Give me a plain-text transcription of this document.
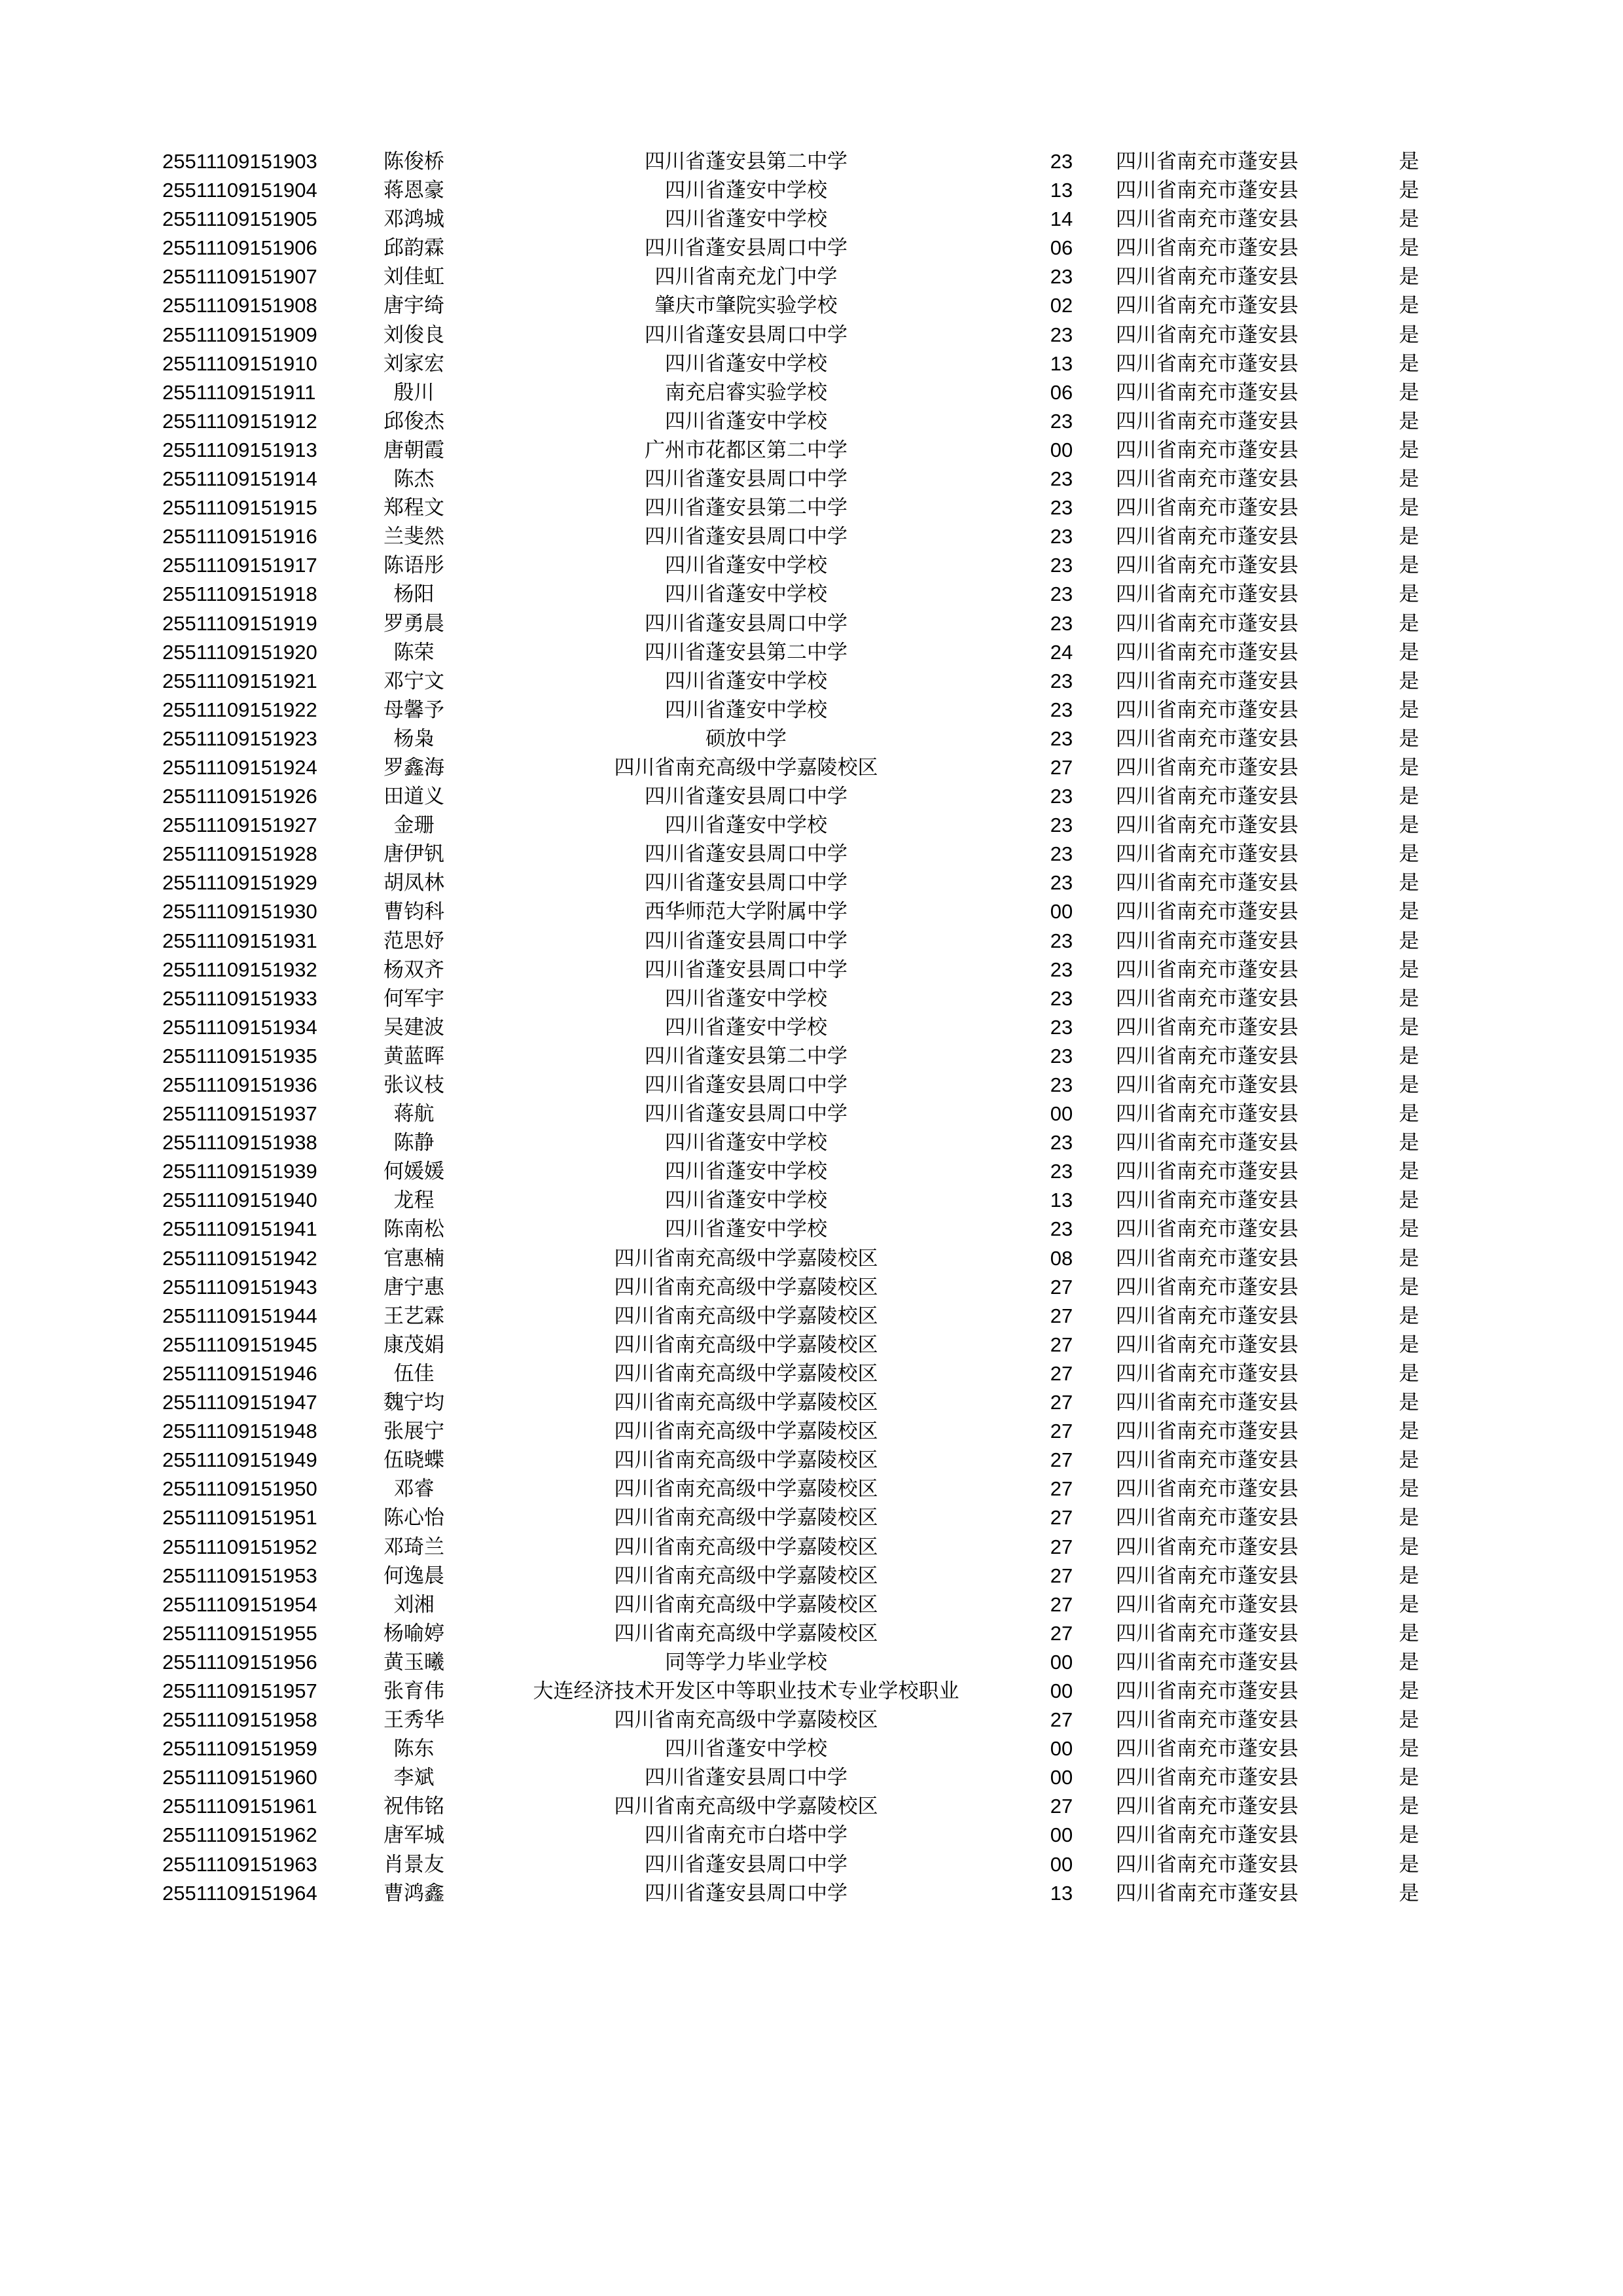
25511109151903	陈俊桥	四川省蓬安县第二中学	23	四川省南充市蓬安县	是
25511109151904	蒋恩豪	四川省蓬安中学校	13	四川省南充市蓬安县	是
25511109151905	邓鸿城	四川省蓬安中学校	14	四川省南充市蓬安县	是
25511109151906	邱韵霖	四川省蓬安县周口中学	06	四川省南充市蓬安县	是
25511109151907	刘佳虹	四川省南充龙门中学	23	四川省南充市蓬安县	是
25511109151908	唐宇绮	肇庆市肇院实验学校	02	四川省南充市蓬安县	是
25511109151909	刘俊良	四川省蓬安县周口中学	23	四川省南充市蓬安县	是
25511109151910	刘家宏	四川省蓬安中学校	13	四川省南充市蓬安县	是
25511109151911	殷川	南充启睿实验学校	06	四川省南充市蓬安县	是
25511109151912	邱俊杰	四川省蓬安中学校	23	四川省南充市蓬安县	是
25511109151913	唐朝霞	广州市花都区第二中学	00	四川省南充市蓬安县	是
25511109151914	陈杰	四川省蓬安县周口中学	23	四川省南充市蓬安县	是
25511109151915	郑程文	四川省蓬安县第二中学	23	四川省南充市蓬安县	是
25511109151916	兰斐然	四川省蓬安县周口中学	23	四川省南充市蓬安县	是
25511109151917	陈语彤	四川省蓬安中学校	23	四川省南充市蓬安县	是
25511109151918	杨阳	四川省蓬安中学校	23	四川省南充市蓬安县	是
25511109151919	罗勇晨	四川省蓬安县周口中学	23	四川省南充市蓬安县	是
25511109151920	陈荣	四川省蓬安县第二中学	24	四川省南充市蓬安县	是
25511109151921	邓宁文	四川省蓬安中学校	23	四川省南充市蓬安县	是
25511109151922	母馨予	四川省蓬安中学校	23	四川省南充市蓬安县	是
25511109151923	杨枭	硕放中学	23	四川省南充市蓬安县	是
25511109151924	罗鑫海	四川省南充高级中学嘉陵校区	27	四川省南充市蓬安县	是
25511109151926	田道义	四川省蓬安县周口中学	23	四川省南充市蓬安县	是
25511109151927	金珊	四川省蓬安中学校	23	四川省南充市蓬安县	是
25511109151928	唐伊钒	四川省蓬安县周口中学	23	四川省南充市蓬安县	是
25511109151929	胡凤林	四川省蓬安县周口中学	23	四川省南充市蓬安县	是
25511109151930	曹钧科	西华师范大学附属中学	00	四川省南充市蓬安县	是
25511109151931	范思妤	四川省蓬安县周口中学	23	四川省南充市蓬安县	是
25511109151932	杨双齐	四川省蓬安县周口中学	23	四川省南充市蓬安县	是
25511109151933	何军宇	四川省蓬安中学校	23	四川省南充市蓬安县	是
25511109151934	吴建波	四川省蓬安中学校	23	四川省南充市蓬安县	是
25511109151935	黄蓝晖	四川省蓬安县第二中学	23	四川省南充市蓬安县	是
25511109151936	张议枝	四川省蓬安县周口中学	23	四川省南充市蓬安县	是
25511109151937	蒋航	四川省蓬安县周口中学	00	四川省南充市蓬安县	是
25511109151938	陈静	四川省蓬安中学校	23	四川省南充市蓬安县	是
25511109151939	何媛媛	四川省蓬安中学校	23	四川省南充市蓬安县	是
25511109151940	龙程	四川省蓬安中学校	13	四川省南充市蓬安县	是
25511109151941	陈南松	四川省蓬安中学校	23	四川省南充市蓬安县	是
25511109151942	官惠楠	四川省南充高级中学嘉陵校区	08	四川省南充市蓬安县	是
25511109151943	唐宁惠	四川省南充高级中学嘉陵校区	27	四川省南充市蓬安县	是
25511109151944	王艺霖	四川省南充高级中学嘉陵校区	27	四川省南充市蓬安县	是
25511109151945	康茂娟	四川省南充高级中学嘉陵校区	27	四川省南充市蓬安县	是
25511109151946	伍佳	四川省南充高级中学嘉陵校区	27	四川省南充市蓬安县	是
25511109151947	魏宁均	四川省南充高级中学嘉陵校区	27	四川省南充市蓬安县	是
25511109151948	张展宁	四川省南充高级中学嘉陵校区	27	四川省南充市蓬安县	是
25511109151949	伍晓蝶	四川省南充高级中学嘉陵校区	27	四川省南充市蓬安县	是
25511109151950	邓睿	四川省南充高级中学嘉陵校区	27	四川省南充市蓬安县	是
25511109151951	陈心怡	四川省南充高级中学嘉陵校区	27	四川省南充市蓬安县	是
25511109151952	邓琦兰	四川省南充高级中学嘉陵校区	27	四川省南充市蓬安县	是
25511109151953	何逸晨	四川省南充高级中学嘉陵校区	27	四川省南充市蓬安县	是
25511109151954	刘湘	四川省南充高级中学嘉陵校区	27	四川省南充市蓬安县	是
25511109151955	杨喻婷	四川省南充高级中学嘉陵校区	27	四川省南充市蓬安县	是
25511109151956	黄玉曦	同等学力毕业学校	00	四川省南充市蓬安县	是
25511109151957	张育伟	大连经济技术开发区中等职业技术专业学校职业	00	四川省南充市蓬安县	是
25511109151958	王秀华	四川省南充高级中学嘉陵校区	27	四川省南充市蓬安县	是
25511109151959	陈东	四川省蓬安中学校	00	四川省南充市蓬安县	是
25511109151960	李斌	四川省蓬安县周口中学	00	四川省南充市蓬安县	是
25511109151961	祝伟铭	四川省南充高级中学嘉陵校区	27	四川省南充市蓬安县	是
25511109151962	唐军城	四川省南充市白塔中学	00	四川省南充市蓬安县	是
25511109151963	肖景友	四川省蓬安县周口中学	00	四川省南充市蓬安县	是
25511109151964	曹鸿鑫	四川省蓬安县周口中学	13	四川省南充市蓬安县	是
